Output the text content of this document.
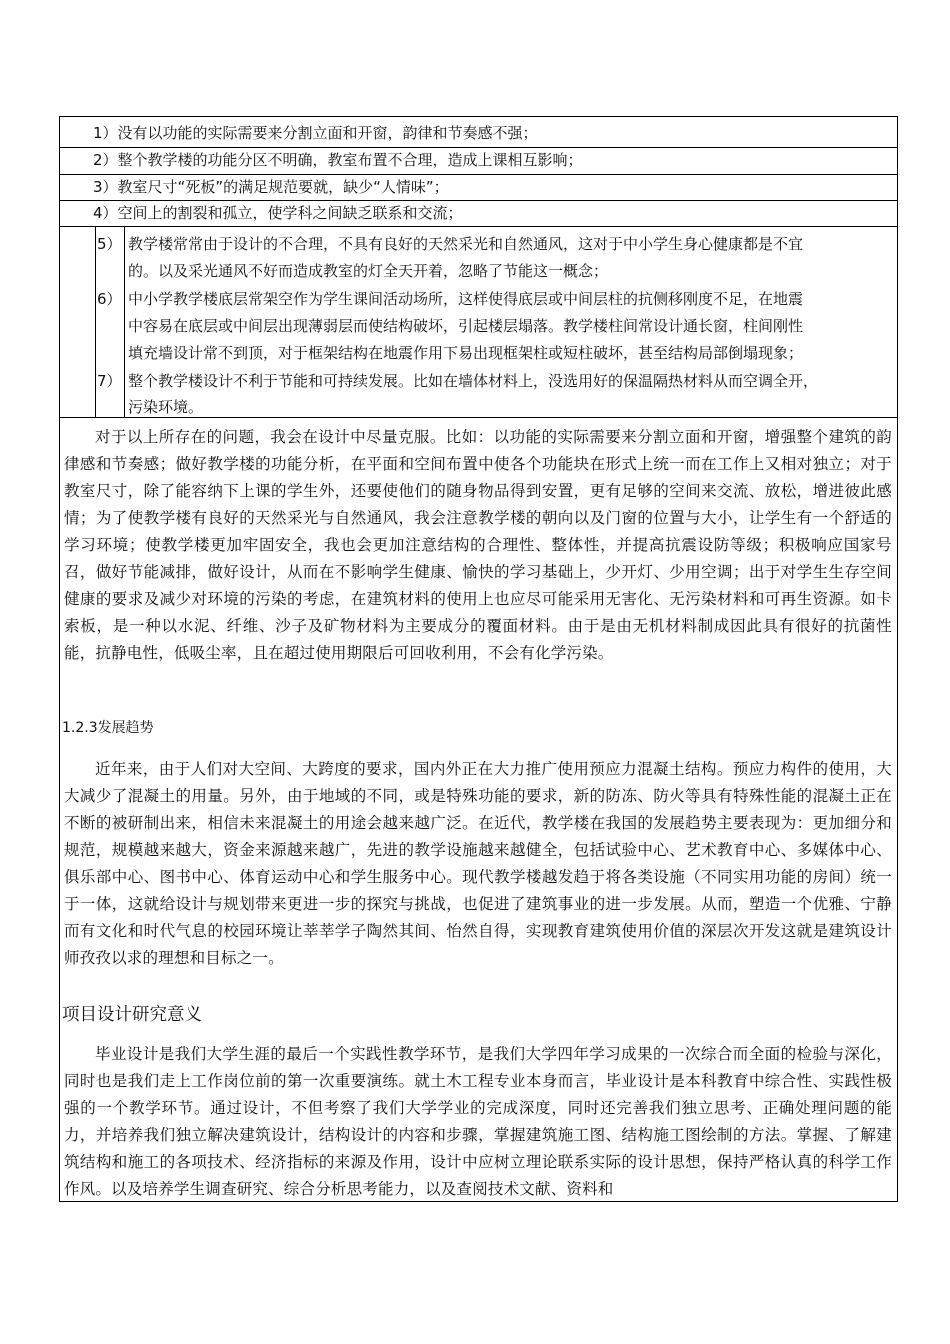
1）没有以功能的实际需要来分割立面和开窗，韵律和节奏感不强；
2）整个教学楼的功能分区不明确，教室布置不合理，造成上课相互影响；
3）教室尺寸“死板”的满足规范要就，缺少“人情味”；
4）空间上的割裂和孤立，使学科之间缺乏联系和交流；
5） 教学楼常常由于设计的不合理，不具有良好的天然采光和自然通风，这对于中小学生身心健康都是不宜
的。以及采光通风不好而造成教室的灯全天开着，忽略了节能这一概念；
6） 中小学教学楼底层常架空作为学生课间活动场所，这样使得底层或中间层柱的抗侧移刚度不足，在地震
中容易在底层或中间层出现薄弱层而使结构破坏，引起楼层塌落。教学楼柱间常设计通长窗，柱间刚性
填充墙设计常不到顶，对于框架结构在地震作用下易出现框架柱或短柱破坏，甚至结构局部倒塌现象；
7） 整个教学楼设计不利于节能和可持续发展。比如在墙体材料上，没选用好的保温隔热材料从而空调全开，
污染环境。
对于以上所存在的问题，我会在设计中尽量克服。比如：以功能的实际需要来分割立面和开窗，增强整个建筑的韵律感和节奏感；做好教学楼的功能分析，在平面和空间布置中使各个功能块在形式上统一而在工作上又相对独立；对于教室尺寸，除了能容纳下上课的学生外，还要使他们的随身物品得到安置，更有足够的空间来交流、放松，增进彼此感情；为了使教学楼有良好的天然采光与自然通风，我会注意教学楼的朝向以及门窗的位置与大小，让学生有一个舒适的学习环境；使教学楼更加牢固安全，我也会更加注意结构的合理性、整体性，并提高抗震设防等级；积极响应国家号召，做好节能减排，做好设计，从而在不影响学生健康、愉快的学习基础上，少开灯、少用空调；出于对学生生存空间健康的要求及减少对环境的污染的考虑，在建筑材料的使用上也应尽可能采用无害化、无污染材料和可再生资源。如卡索板，是一种以水泥、纤维、沙子及矿物材料为主要成分的覆面材料。由于是由无机材料制成因此具有很好的抗菌性能，抗静电性，低吸尘率，且在超过使用期限后可回收利用，不会有化学污染。
1.2.3发展趋势
近年来，由于人们对大空间、大跨度的要求，国内外正在大力推广使用预应力混凝土结构。预应力构件的使用，大大减少了混凝土的用量。另外，由于地域的不同，或是特殊功能的要求，新的防冻、防火等具有特殊性能的混凝土正在不断的被研制出来，相信未来混凝土的用途会越来越广泛。在近代，教学楼在我国的发展趋势主要表现为：更加细分和规范，规模越来越大，资金来源越来越广，先进的教学设施越来越健全，包括试验中心、艺术教育中心、多媒体中心、俱乐部中心、图书中心、体育运动中心和学生服务中心。现代教学楼越发趋于将各类设施（不同实用功能的房间）统一于一体，这就给设计与规划带来更进一步的探究与挑战，也促进了建筑事业的进一步发展。从而，塑造一个优雅、宁静而有文化和时代气息的校园环境让莘莘学子陶然其间、怡然自得，实现教育建筑使用价值的深层次开发这就是建筑设计师孜孜以求的理想和目标之一。
项目设计研究意义
毕业设计是我们大学生涯的最后一个实践性教学环节，是我们大学四年学习成果的一次综合而全面的检验与深化，同时也是我们走上工作岗位前的第一次重要演练。就土木工程专业本身而言，毕业设计是本科教育中综合性、实践性极强的一个教学环节。通过设计，不但考察了我们大学学业的完成深度，同时还完善我们独立思考、正确处理问题的能力，并培养我们独立解决建筑设计，结构设计的内容和步骤，掌握建筑施工图、结构施工图绘制的方法。掌握、了解建筑结构和施工的各项技术、经济指标的来源及作用，设计中应树立理论联系实际的设计思想，保持严格认真的科学工作作风。以及培养学生调查研究、综合分析思考能力，以及查阅技术文献、资料和
